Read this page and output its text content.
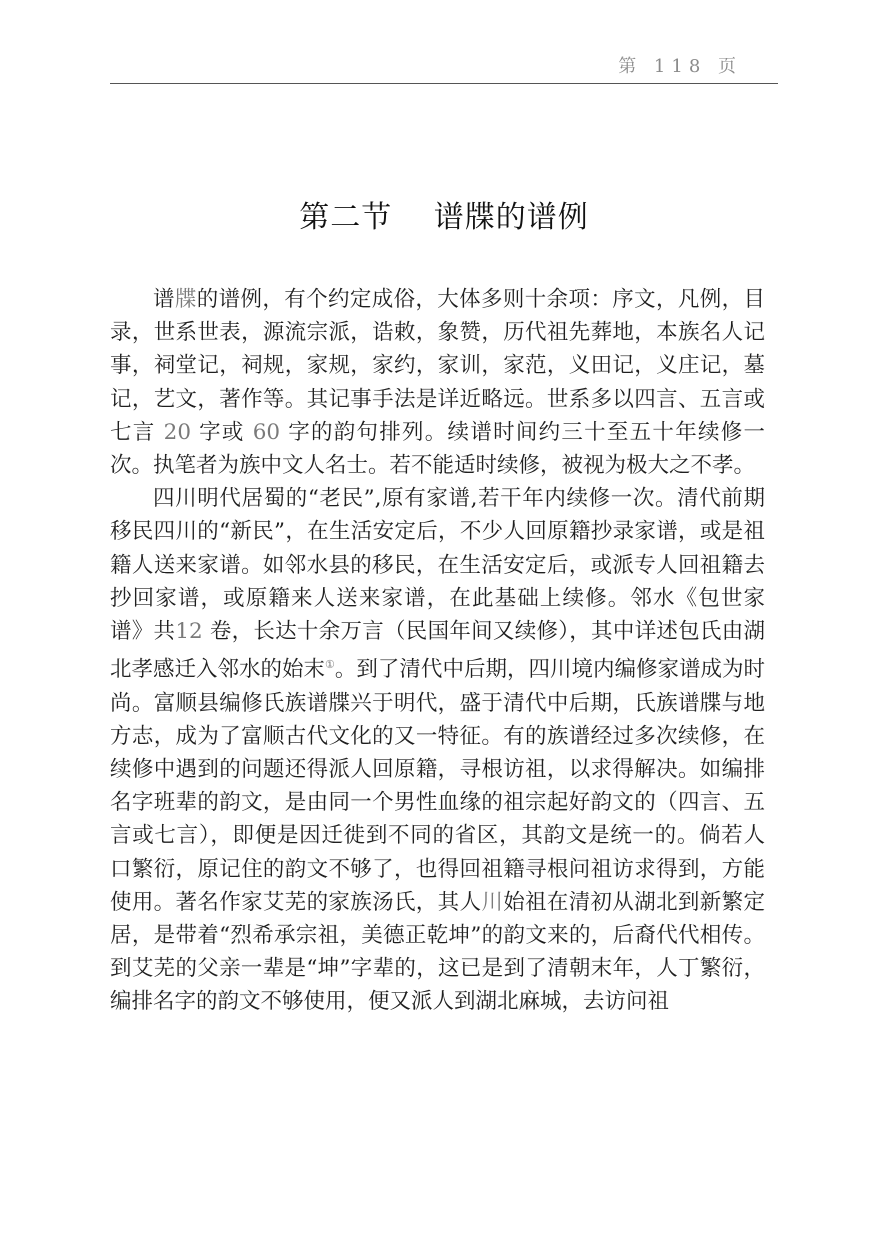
第 118 页
第二节　 谱牒的谱例

谱牒的谱例，有个约定成俗，大体多则十余项：序文，凡例，目录，世系世表，源流宗派，诰敕，象赞，历代祖先葬地，本族名人记事，祠堂记，祠规，家规，家约，家训，家范，义田记，义庄记，墓记，艺文，著作等。其记事手法是详近略远。世系多以四言、五言或七言 20 字或 60 字的韵句排列。续谱时间约三十至五十年续修一次。执笔者为族中文人名士。若不能适时续修，被视为极大之不孝。

四川明代居蜀的“老民”,原有家谱,若干年内续修一次。清代前期移民四川的“新民”，在生活安定后，不少人回原籍抄录家谱，或是祖籍人送来家谱。如邻水县的移民，在生活安定后，或派专人回祖籍去抄回家谱，或原籍来人送来家谱，在此基础上续修。邻水《包世家谱》共12 卷，长达十余万言（民国年间又续修），其中详述包氏由湖北孝感迁入邻水的始末①。到了清代中后期，四川境内编修家谱成为时尚。富顺县编修氏族谱牒兴于明代，盛于清代中后期，氏族谱牒与地方志，成为了富顺古代文化的又一特征。有的族谱经过多次续修，在续修中遇到的问题还得派人回原籍，寻根访祖，以求得解决。如编排名字班辈的韵文，是由同一个男性血缘的祖宗起好韵文的（四言、五言或七言），即便是因迁徙到不同的省区，其韵文是统一的。倘若人口繁衍，原记住的韵文不够了，也得回祖籍寻根问祖访求得到，方能使用。著名作家艾芜的家族汤氏，其人川始祖在清初从湖北到新繁定居，是带着“烈希承宗祖，美德正乾坤”的韵文来的，后裔代代相传。到艾芜的父亲一辈是“坤”字辈的，这已是到了清朝末年，人丁繁衍，编排名字的韵文不够使用，便又派人到湖北麻城，去访问祖
